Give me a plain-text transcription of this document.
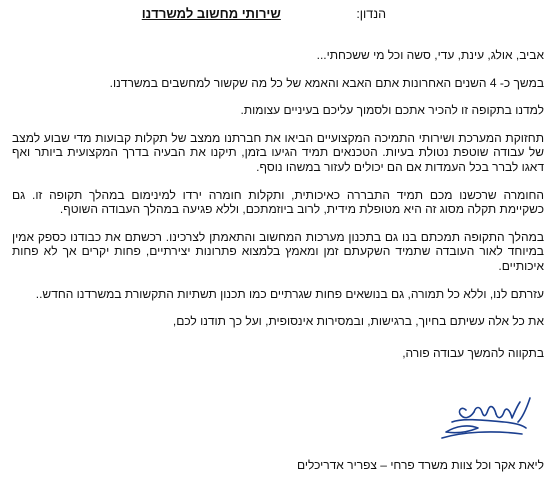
הנדון: שירותי מחשוב למשרדנו

אביב, אולג, עינת, עדי, סשה וכל מי ששכחתי...

במשך כ- 4 השנים האחרונות אתם האבא והאמא של כל מה שקשור למחשבים במשרדנו.

למדנו בתקופה זו להכיר אתכם ולסמוך עליכם בעיניים עצומות.

תחזוקת המערכת ושירותי התמיכה המקצועיים הביאו את חברתנו ממצב של תקלות קבועות מדי שבוע למצב של עבודה שוטפת נטולת בעיות. הטכנאים תמיד הגיעו בזמן, תיקנו את הבעיה בדרך המקצועית ביותר ואף דאגו לברר בכל העמדות אם הם יכולים לעזור במשהו נוסף.

החומרה שרכשנו מכם תמיד התבררה כאיכותית, ותקלות חומרה ירדו למינימום במהלך תקופה זו. גם כשקיימת תקלה מסוג זה היא מטופלת מידית, לרוב ביוזמתכם, וללא פגיעה במהלך העבודה השוטף.

במהלך התקופה תמכתם בנו גם בתכנון מערכות המחשוב והתאמתן לצרכינו. רכשתם את כבודנו כספק אמין במיוחד לאור העובדה שתמיד השקעתם זמן ומאמץ בלמצוא פתרונות יצירתיים, פחות יקרים אך לא פחות איכותיים.

עזרתם לנו, וללא כל תמורה, גם בנושאים פחות שגרתיים כמו תכנון תשתיות התקשורת במשרדנו החדש..

את כל אלה עשיתם בחיוך, ברגישות, ובמסירות אינסופית, ועל כך תודנו לכם,

בתקווה להמשך עבודה פורה,
ליאת אקר וכל צוות משרד פרחי – צפריר אדריכלים
